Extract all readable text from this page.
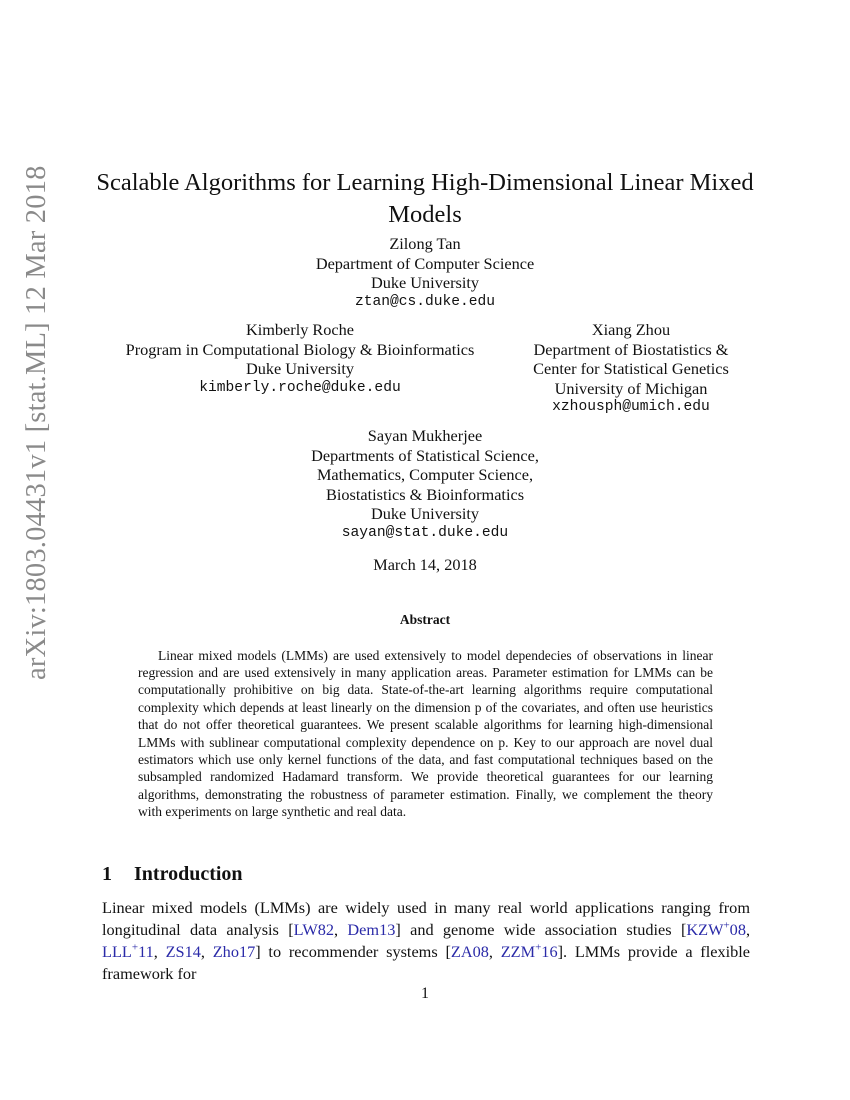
arXiv:1803.04431v1 [stat.ML] 12 Mar 2018 Scalable Algorithms for Learning High-Dimensional Linear Mixed Models
Zilong Tan
Department of Computer Science
Duke University
ztan@cs.duke.edu
Kimberly Roche
Program in Computational Biology & Bioinformatics
Duke University
kimberly.roche@duke.edu
Xiang Zhou
Department of Biostatistics &
Center for Statistical Genetics
University of Michigan
xzhousph@umich.edu
Sayan Mukherjee
Departments of Statistical Science,
Mathematics, Computer Science,
Biostatistics & Bioinformatics
Duke University
sayan@stat.duke.edu
March 14, 2018
Abstract

Linear mixed models (LMMs) are used extensively to model dependecies of observations in linear regression and are used extensively in many application areas. Parameter estimation for LMMs can be computationally prohibitive on big data. State-of-the-art learning algorithms require computational complexity which depends at least linearly on the dimension p of the covariates, and often use heuristics that do not offer theoretical guarantees. We present scalable algorithms for learning high-dimensional LMMs with sublinear computational complexity dependence on p. Key to our approach are novel dual estimators which use only kernel functions of the data, and fast computational techniques based on the subsampled randomized Hadamard transform. We provide theoretical guarantees for our learning algorithms, demonstrating the robustness of parameter estimation. Finally, we complement the theory with experiments on large synthetic and real data.

1 Introduction

Linear mixed models (LMMs) are widely used in many real world applications ranging from longitudinal data analysis [LW82, Dem13] and genome wide association studies [KZW+08, LLL+11, ZS14, Zho17] to recommender systems [ZA08, ZZM+16]. LMMs provide a flexible framework for

1
